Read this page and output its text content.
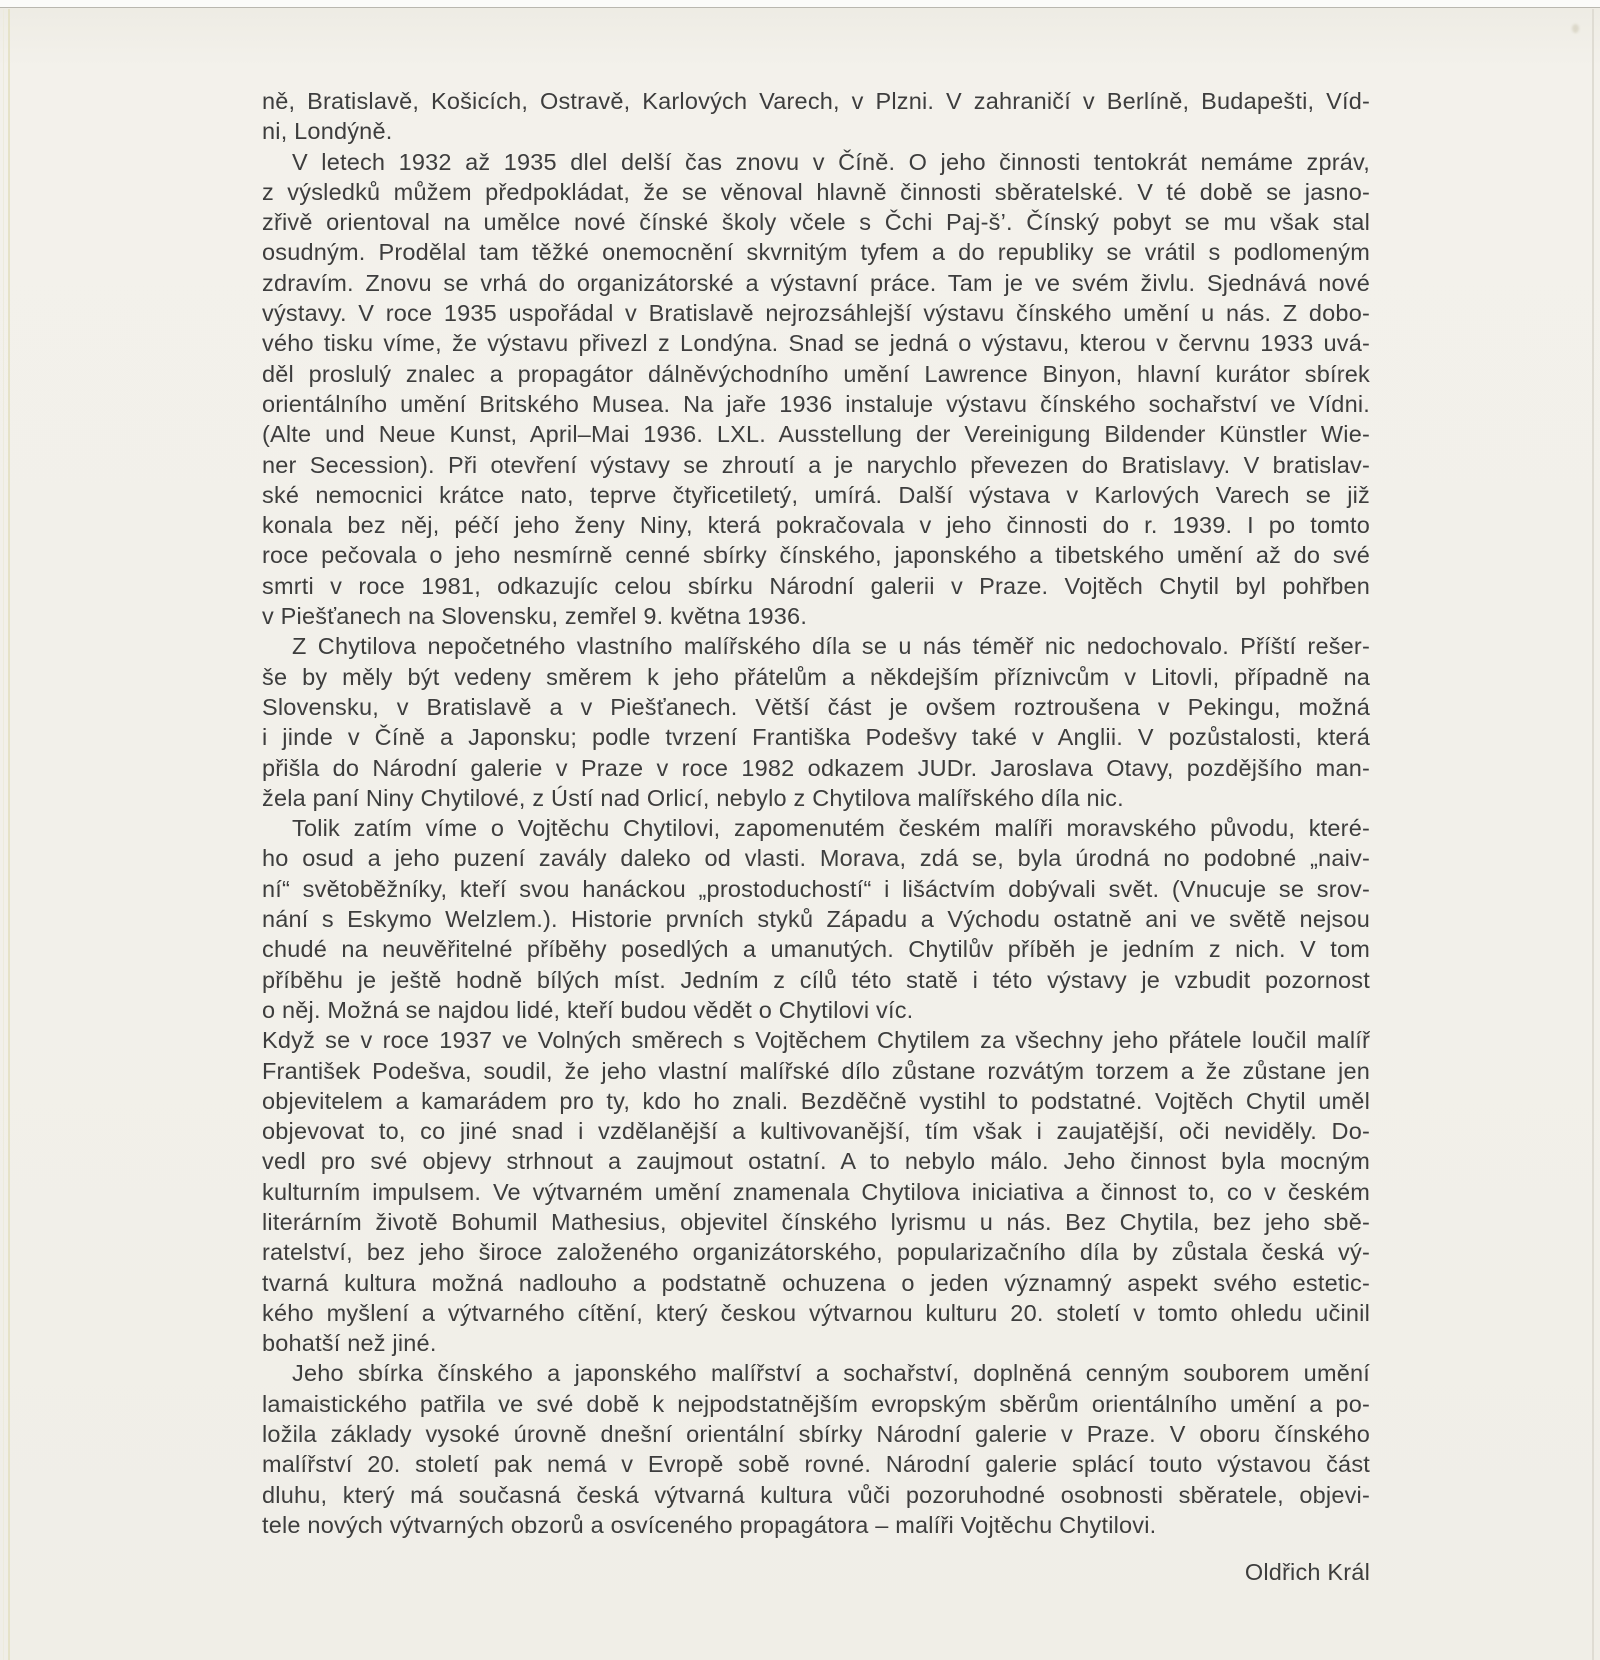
ně, Bratislavě, Košicích, Ostravě, Karlových Varech, v Plzni. V zahraničí v Berlíně, Budapešti, Víd-
ni, Londýně.

V letech 1932 až 1935 dlel delší čas znovu v Číně. O jeho činnosti tentokrát nemáme zpráv,
z výsledků můžem předpokládat, že se věnoval hlavně činnosti sběratelské. V té době se jasno-
zřivě orientoval na umělce nové čínské školy včele s Čchi Paj-š’. Čínský pobyt se mu však stal
osudným. Prodělal tam těžké onemocnění skvrnitým tyfem a do republiky se vrátil s podlomeným
zdravím. Znovu se vrhá do organizátorské a výstavní práce. Tam je ve svém živlu. Sjednává nové
výstavy. V roce 1935 uspořádal v Bratislavě nejrozsáhlejší výstavu čínského umění u nás. Z dobo-
vého tisku víme, že výstavu přivezl z Londýna. Snad se jedná o výstavu, kterou v červnu 1933 uvá-
děl proslulý znalec a propagátor dálněvýchodního umění Lawrence Binyon, hlavní kurátor sbírek
orientálního umění Britského Musea. Na jaře 1936 instaluje výstavu čínského sochařství ve Vídni.
(Alte und Neue Kunst, April–Mai 1936. LXL. Ausstellung der Vereinigung Bildender Künstler Wie-
ner Secession). Při otevření výstavy se zhroutí a je narychlo převezen do Bratislavy. V bratislav-
ské nemocnici krátce nato, teprve čtyřicetiletý, umírá. Další výstava v Karlových Varech se již
konala bez něj, péčí jeho ženy Niny, která pokračovala v jeho činnosti do r. 1939. I po tomto
roce pečovala o jeho nesmírně cenné sbírky čínského, japonského a tibetského umění až do své
smrti v roce 1981, odkazujíc celou sbírku Národní galerii v Praze. Vojtěch Chytil byl pohřben
v Piešťanech na Slovensku, zemřel 9. května 1936.

Z Chytilova nepočetného vlastního malířského díla se u nás téměř nic nedochovalo. Příští rešer-
še by měly být vedeny směrem k jeho přátelům a někdejším příznivcům v Litovli, případně na
Slovensku, v Bratislavě a v Piešťanech. Větší část je ovšem roztroušena v Pekingu, možná
i jinde v Číně a Japonsku; podle tvrzení Františka Podešvy také v Anglii. V pozůstalosti, která
přišla do Národní galerie v Praze v roce 1982 odkazem JUDr. Jaroslava Otavy, pozdějšího man-
žela paní Niny Chytilové, z Ústí nad Orlicí, nebylo z Chytilova malířského díla nic.

Tolik zatím víme o Vojtěchu Chytilovi, zapomenutém českém malíři moravského původu, které-
ho osud a jeho puzení zavály daleko od vlasti. Morava, zdá se, byla úrodná no podobné „naiv-
ní“ světoběžníky, kteří svou hanáckou „prostoduchostí“ i lišáctvím dobývali svět. (Vnucuje se srov-
nání s Eskymo Welzlem.). Historie prvních styků Západu a Východu ostatně ani ve světě nejsou
chudé na neuvěřitelné příběhy posedlých a umanutých. Chytilův příběh je jedním z nich. V tom
příběhu je ještě hodně bílých míst. Jedním z cílů této statě i této výstavy je vzbudit pozornost
o něj. Možná se najdou lidé, kteří budou vědět o Chytilovi víc.

Když se v roce 1937 ve Volných směrech s Vojtěchem Chytilem za všechny jeho přátele loučil malíř
František Podešva, soudil, že jeho vlastní malířské dílo zůstane rozvátým torzem a že zůstane jen
objevitelem a kamarádem pro ty, kdo ho znali. Bezděčně vystihl to podstatné. Vojtěch Chytil uměl
objevovat to, co jiné snad i vzdělanější a kultivovanější, tím však i zaujatější, oči neviděly. Do-
vedl pro své objevy strhnout a zaujmout ostatní. A to nebylo málo. Jeho činnost byla mocným
kulturním impulsem. Ve výtvarném umění znamenala Chytilova iniciativa a činnost to, co v českém
literárním životě Bohumil Mathesius, objevitel čínského lyrismu u nás. Bez Chytila, bez jeho sbě-
ratelství, bez jeho široce založeného organizátorského, popularizačního díla by zůstala česká vý-
tvarná kultura možná nadlouho a podstatně ochuzena o jeden významný aspekt svého estetic-
kého myšlení a výtvarného cítění, který českou výtvarnou kulturu 20. století v tomto ohledu učinil
bohatší než jiné.

Jeho sbírka čínského a japonského malířství a sochařství, doplněná cenným souborem umění
lamaistického patřila ve své době k nejpodstatnějším evropským sběrům orientálního umění a po-
ložila základy vysoké úrovně dnešní orientální sbírky Národní galerie v Praze. V oboru čínského
malířství 20. století pak nemá v Evropě sobě rovné. Národní galerie splácí touto výstavou část
dluhu, který má současná česká výtvarná kultura vůči pozoruhodné osobnosti sběratele, objevi-
tele nových výtvarných obzorů a osvíceného propagátora – malíři Vojtěchu Chytilovi.

Oldřich Král
